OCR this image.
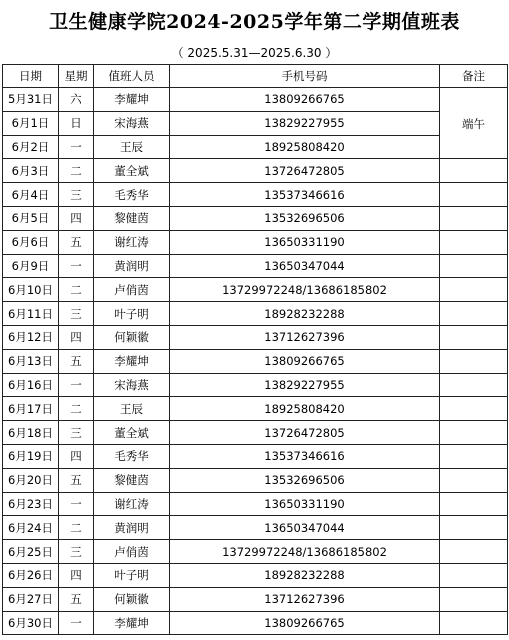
卫生健康学院2024-2025学年第二学期值班表
（ 2025.5.31—2025.6.30 ）
日期	星期	值班人员	手机号码	备注
5月31日	六	李耀坤	13809266765	端午

6月1日	日	宋海燕	13829227955	
6月2日	一	王辰	18925808420	
6月3日	二	董全斌	13726472805	
6月4日	三	毛秀华	13537346616	
6月5日	四	黎健茵	13532696506	
6月6日	五	谢红涛	13650331190	
6月9日	一	黄润明	13650347044	
6月10日	二	卢俏茵	13729972248/13686185802	
6月11日	三	叶子明	18928232288	
6月12日	四	何颖徽	13712627396	
6月13日	五	李耀坤	13809266765	
6月16日	一	宋海燕	13829227955	
6月17日	二	王辰	18925808420	
6月18日	三	董全斌	13726472805	
6月19日	四	毛秀华	13537346616	
6月20日	五	黎健茵	13532696506	
6月23日	一	谢红涛	13650331190	
6月24日	二	黄润明	13650347044	
6月25日	三	卢俏茵	13729972248/13686185802	
6月26日	四	叶子明	18928232288	
6月27日	五	何颖徽	13712627396	
6月30日	一	李耀坤	13809266765	
